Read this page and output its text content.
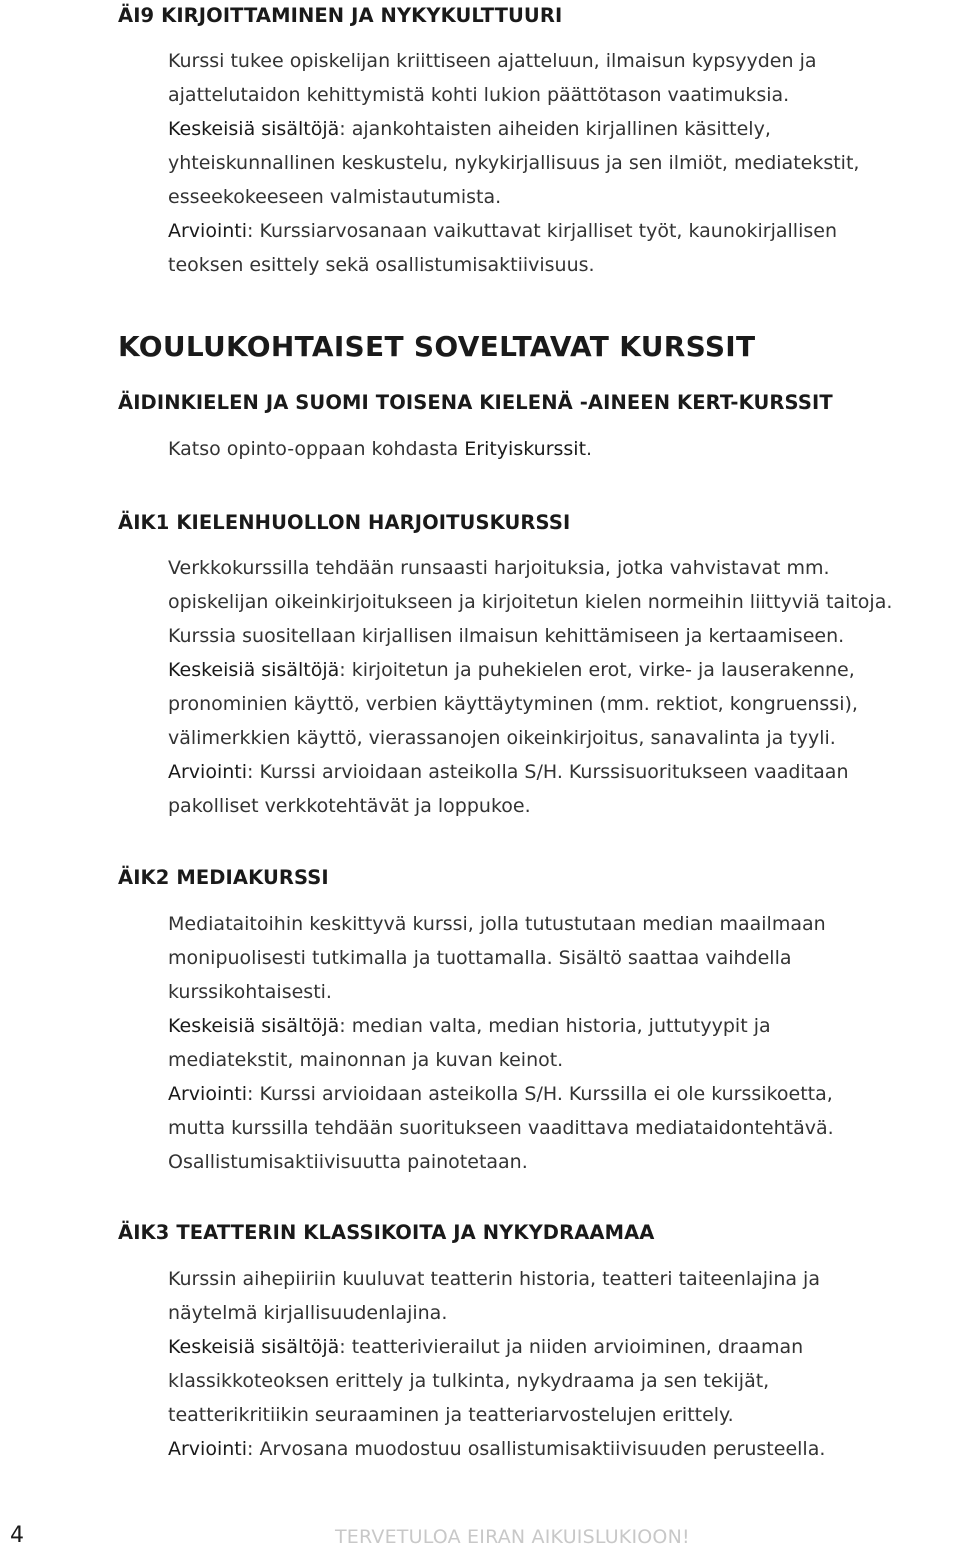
ÄI9 KIRJOITTAMINEN JA NYKYKULTTUURI

Kurssi tukee opiskelijan kriittiseen ajatteluun, ilmaisun kypsyyden ja

ajattelutaidon kehittymistä kohti lukion päättötason vaatimuksia.

Keskeisiä sisältöjä: ajankohtaisten aiheiden kirjallinen käsittely,

yhteiskunnallinen keskustelu, nykykirjallisuus ja sen ilmiöt, mediatekstit,

esseekokeeseen valmistautumista.

Arviointi: Kurssiarvosanaan vaikuttavat kirjalliset työt, kaunokirjallisen

teoksen esittely sekä osallistumisaktiivisuus.

KOULUKOHTAISET SOVELTAVAT KURSSIT
ÄIDINKIELEN JA SUOMI TOISENA KIELENÄ -AINEEN KERT-KURSSIT

Katso opinto-oppaan kohdasta Erityiskurssit.

ÄIK1 KIELENHUOLLON HARJOITUSKURSSI

Verkkokurssilla tehdään runsaasti harjoituksia, jotka vahvistavat mm.

opiskelijan oikeinkirjoitukseen ja kirjoitetun kielen normeihin liittyviä taitoja.

Kurssia suositellaan kirjallisen ilmaisun kehittämiseen ja kertaamiseen.

Keskeisiä sisältöjä: kirjoitetun ja puhekielen erot, virke- ja lauserakenne,

pronominien käyttö, verbien käyttäytyminen (mm. rektiot, kongruenssi),

välimerkkien käyttö, vierassanojen oikeinkirjoitus, sanavalinta ja tyyli.

Arviointi: Kurssi arvioidaan asteikolla S/H. Kurssisuoritukseen vaaditaan

pakolliset verkkotehtävät ja loppukoe.

ÄIK2 MEDIAKURSSI

Mediataitoihin keskittyvä kurssi, jolla tutustutaan median maailmaan

monipuolisesti tutkimalla ja tuottamalla. Sisältö saattaa vaihdella

kurssikohtaisesti.

Keskeisiä sisältöjä: median valta, median historia, juttutyypit ja

mediatekstit, mainonnan ja kuvan keinot.

Arviointi: Kurssi arvioidaan asteikolla S/H. Kurssilla ei ole kurssikoetta,

mutta kurssilla tehdään suoritukseen vaadittava mediataidontehtävä.

Osallistumisaktiivisuutta painotetaan.

ÄIK3 TEATTERIN KLASSIKOITA JA NYKYDRAAMAA

Kurssin aihepiiriin kuuluvat teatterin historia, teatteri taiteenlajina ja

näytelmä kirjallisuudenlajina.

Keskeisiä sisältöjä: teatterivierailut ja niiden arvioiminen, draaman

klassikkoteoksen erittely ja tulkinta, nykydraama ja sen tekijät,

teatterikritiikin seuraaminen ja teatteriarvostelujen erittely.

Arviointi: Arvosana muodostuu osallistumisaktiivisuuden perusteella.

4	TERVETULOA EIRAN AIKUISLUKIOON!
